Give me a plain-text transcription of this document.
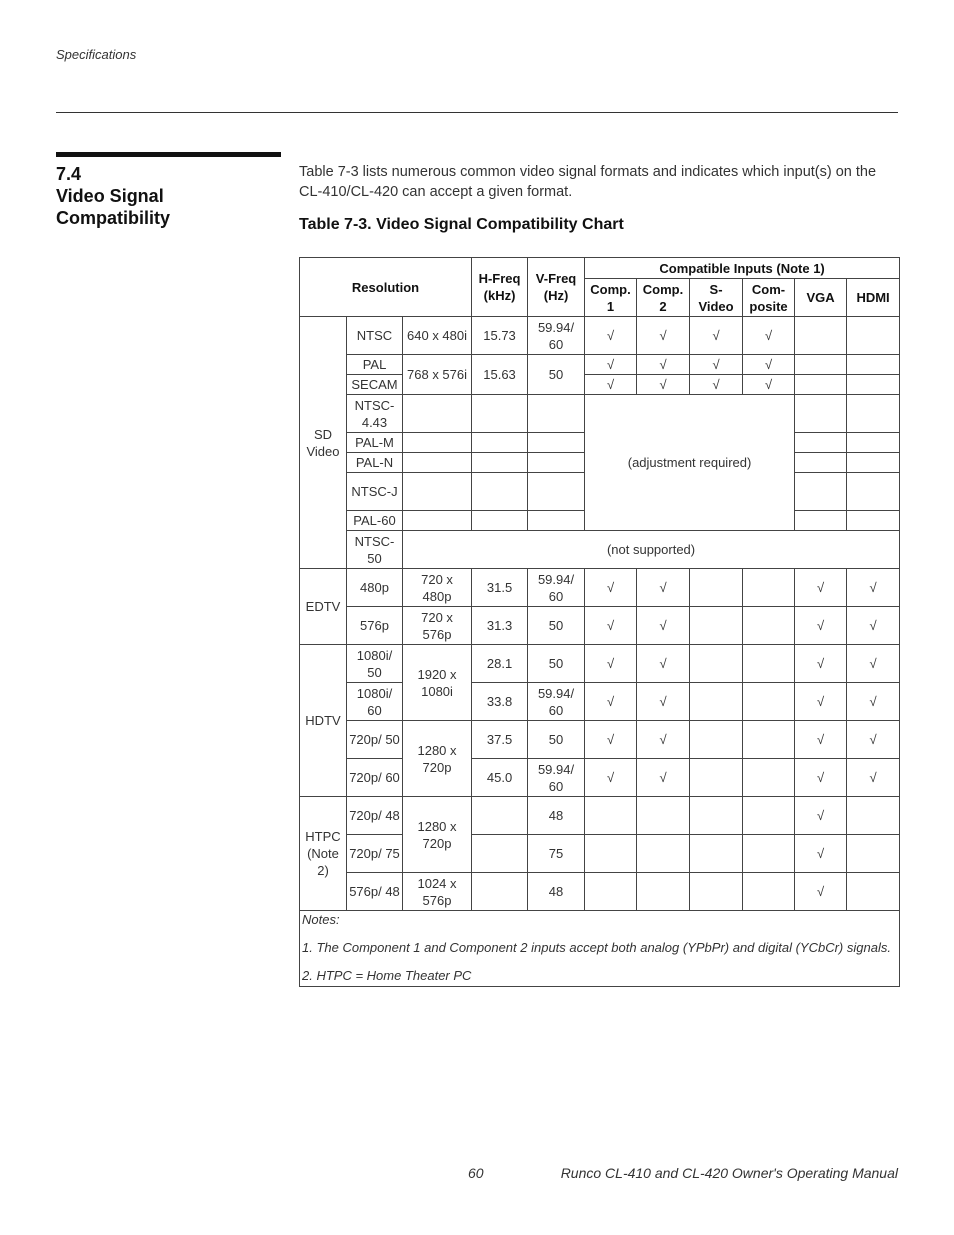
Specifications
7.4
Video Signal
Compatibility
Table 7-3 lists numerous common video signal formats and indicates which input(s) on the CL-410/CL-420 can accept a given format.
Table 7-3. Video Signal Compatibility Chart
Resolution			H-Freq (kHz)	V-Freq (Hz)	Compatible Inputs (Note 1)					
					Comp. 1	Comp. 2	S-Video	Com-posite	VGA	HDMI
SD Video	NTSC	640 x 480i	15.73	59.94/ 60	√	√	√	√		
	PAL	768 x 576i	15.63	50	√	√	√	√		
	SECAM				√	√	√	√		
	NTSC-4.43				(adjustment required)					
	PAL-M									
	PAL-N									
	NTSC-J									
	PAL-60									
	NTSC-50	(not supported)								
EDTV	480p	720 x 480p	31.5	59.94/ 60	√	√			√	√
	576p	720 x 576p	31.3	50	√	√			√	√
HDTV	1080i/ 50	1920 x 1080i	28.1	50	√	√			√	√
	1080i/ 60		33.8	59.94/ 60	√	√			√	√
	720p/ 50	1280 x 720p	37.5	50	√	√			√	√
	720p/ 60		45.0	59.94/ 60	√	√			√	√
HTPC (Note 2)	720p/ 48	1280 x 720p		48					√	
	720p/ 75			75					√	
	576p/ 48	1024 x 576p		48					√	

Notes:

1. The Component 1 and Component 2 inputs accept both analog (YPbPr) and digital (YCbCr) signals.

2. HTPC = Home Theater PC										

60	Runco CL-410 and CL-420 Owner's Operating Manual
